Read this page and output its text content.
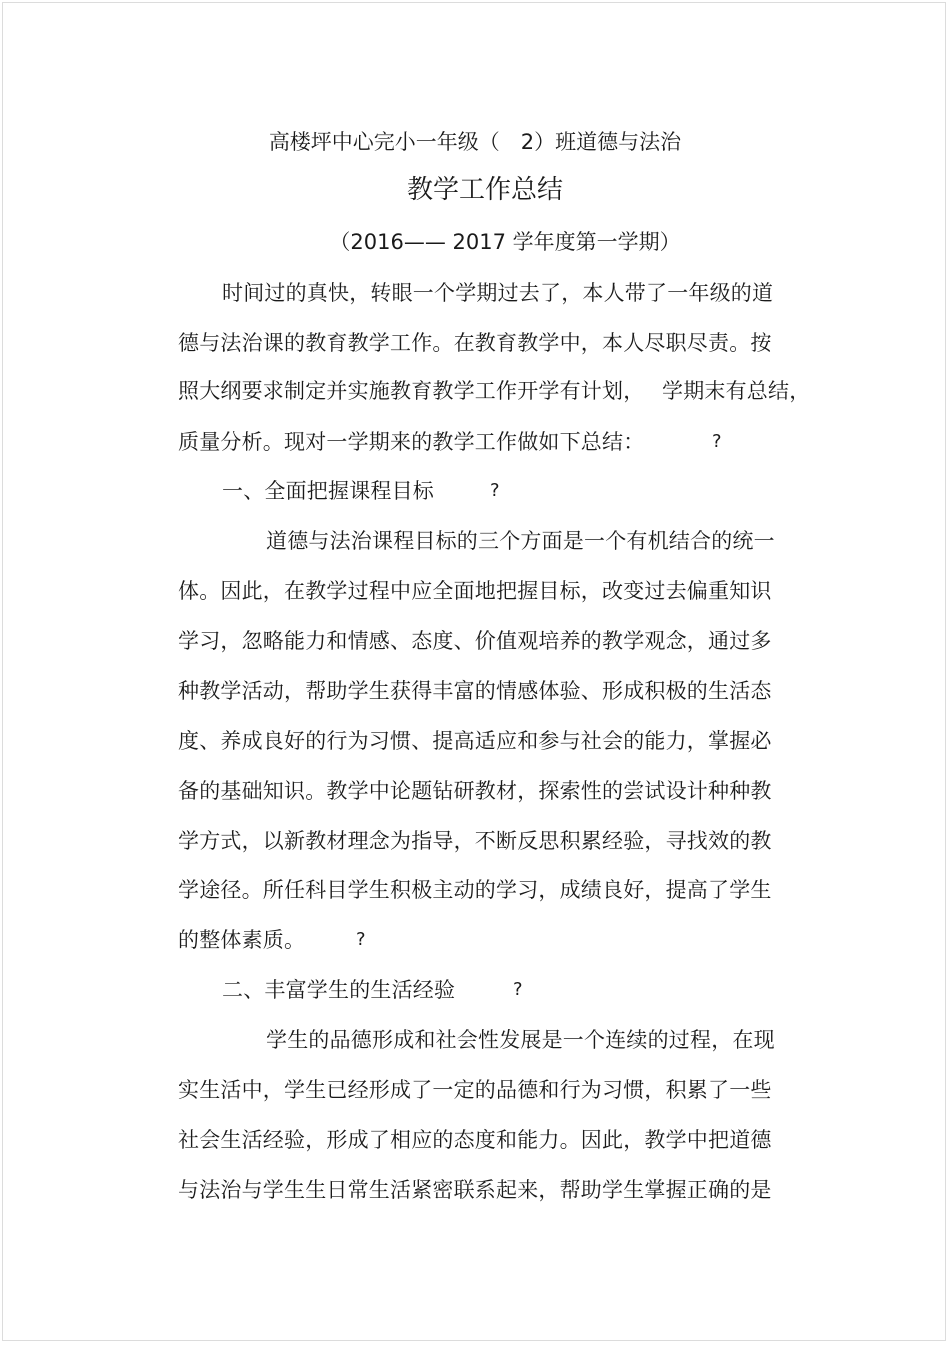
高楼坪中心完小一年级（　2）班道德与法治
教学工作总结
（2016—— 2017 学年度第一学期）
时间过的真快，转眼一个学期过去了，本人带了一年级的道
德与法治课的教育教学工作。在教育教学中，本人尽职尽责。按
照大纲要求制定并实施教育教学工作开学有计划， 学期末有总结，
质量分析。现对一学期来的教学工作做如下总结：	?
一、全面把握课程目标	?
道德与法治课程目标的三个方面是一个有机结合的统一
体。因此，在教学过程中应全面地把握目标，改变过去偏重知识
学习，忽略能力和情感、态度、价值观培养的教学观念，通过多
种教学活动，帮助学生获得丰富的情感体验、形成积极的生活态
度、养成良好的行为习惯、提高适应和参与社会的能力，掌握必
备的基础知识。教学中论题钻研教材，探索性的尝试设计种种教
学方式，以新教材理念为指导，不断反思积累经验，寻找效的教
学途径。所任科目学生积极主动的学习，成绩良好，提高了学生
的整体素质。	?
二、丰富学生的生活经验	?
学生的品德形成和社会性发展是一个连续的过程，在现
实生活中，学生已经形成了一定的品德和行为习惯，积累了一些
社会生活经验，形成了相应的态度和能力。因此，教学中把道德
与法治与学生生日常生活紧密联系起来，帮助学生掌握正确的是
